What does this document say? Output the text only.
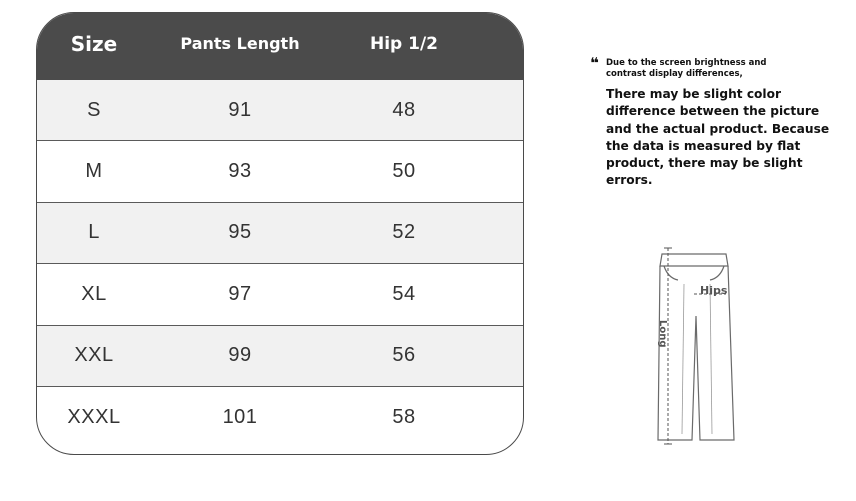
Size	Pants Length	Hip 1/2
S	91	48
M	93	50
L	95	52
XL	97	54
XXL	99	56
XXXL	101	58
❝ Due to the screen brightness and contrast display differences,

There may be slight color difference between the picture and the actual product. Because the data is measured by flat product, there may be slight errors.

Hips
Long
